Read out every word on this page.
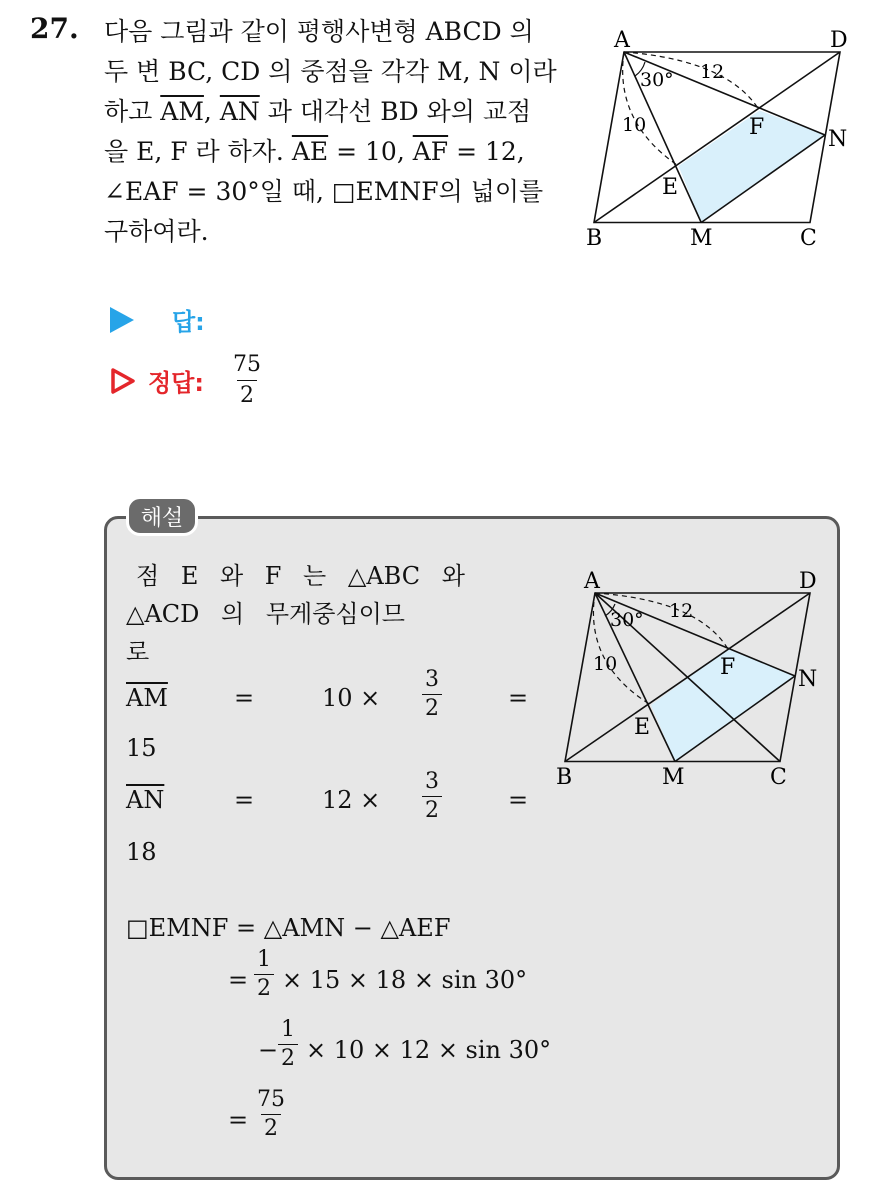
27. 다음 그림과 같이 평행사변형 ABCD 의
두 변 BC, CD 의 중점을 각각 M, N 이라
하고 $\overline{AM}$, $\overline{AN}$ 과 대각선 BD 와의 교점
을 E, F 라 하자. $\overline{AE} = 10$, $\overline{AF} = 12$,
∠EAF = 30°일 때, □EMNF의 넓이를
구하여라.
A	D
B	M	C
N
F
E
30° 12
10
답:
정답: $\frac{75}{2}$
해설
점 E 와 F 는 △ABC 와
△ACD 의 무게중심이므
로
$\overline{AM}$	=	$10 \times \frac{3}{2}$	=
15
$\overline{AN}$	=	$12 \times \frac{3}{2}$	=
18
□EMNF = △AMN − △AEF
= $\frac{1}{2} \times 15 \times 18 \times \sin 30^\circ$
− $\frac{1}{2} \times 10 \times 12 \times \sin 30^\circ$
= $\frac{75}{2}$
A	D
B	M	C
N
F
E
30° 12
10
